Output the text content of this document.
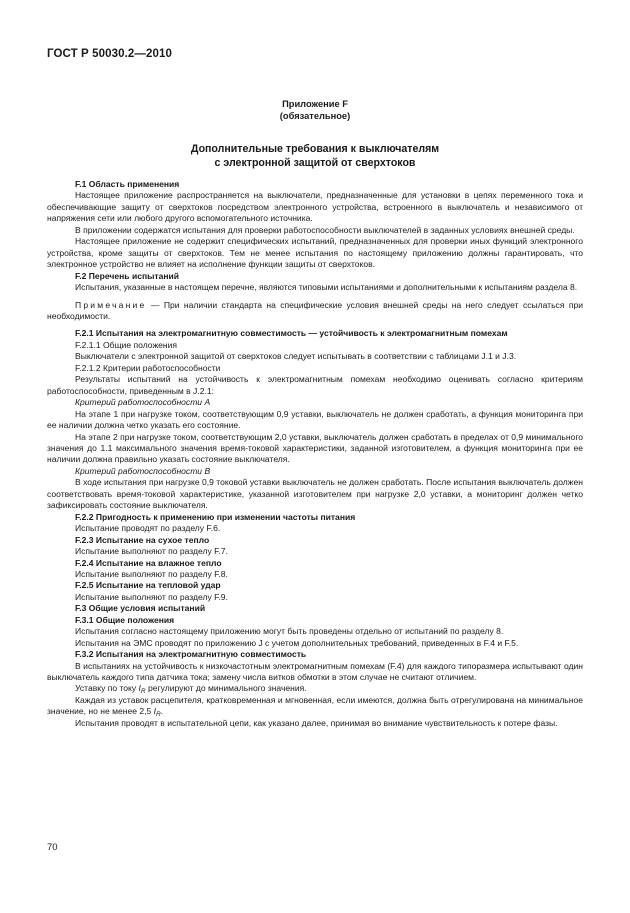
ГОСТ Р 50030.2—2010
Приложение F
(обязательное)
Дополнительные требования к выключателям
с электронной защитой от сверхтоков

F.1 Область применения

Настоящее приложение распространяется на выключатели, предназначенные для установки в цепях переменного тока и обеспечивающие защиту от сверхтоков посредством электронного устройства, встроенного в выключатель и независимого от напряжения сети или любого другого вспомогательного источника.

В приложении содержатся испытания для проверки работоспособности выключателей в заданных условиях внешней среды.

Настоящее приложение не содержит специфических испытаний, предназначенных для проверки иных функций электронного устройства, кроме защиты от сверхтоков. Тем не менее испытания по настоящему приложению должны гарантировать, что электронное устройство не влияет на исполнение функции защиты от сверхтоков.

F.2 Перечень испытаний

Испытания, указанные в настоящем перечне, являются типовыми испытаниями и дополнительными к испытаниям раздела 8.

Примечание — При наличии стандарта на специфические условия внешней среды на него следует ссылаться при необходимости.

F.2.1 Испытания на электромагнитную совместимость — устойчивость к электромагнитным помехам

F.2.1.1 Общие положения

Выключатели с электронной защитой от сверхтоков следует испытывать в соответствии с таблицами J.1 и J.3.

F.2.1.2 Критерии работоспособности

Результаты испытаний на устойчивость к электромагнитным помехам необходимо оценивать согласно критериям работоспособности, приведенным в J.2.1:

Критерий работоспособности А

На этапе 1 при нагрузке током, соответствующим 0,9 уставки, выключатель не должен сработать, а функция мониторинга при ее наличии должна четко указать его состояние.

На этапе 2 при нагрузке током, соответствующим 2,0 уставки, выключатель должен сработать в пределах от 0,9 минимального значения до 1.1 максимального значения время-токовой характеристики, заданной изготовителем, а функция мониторинга при ее наличии должна правильно указать состояние выключателя.

Критерий работоспособности В

В ходе испытания при нагрузке 0,9 токовой уставки выключатель не должен сработать. После испытания выключатель должен соответствовать время-токовой характеристике, указанной изготовителем при нагрузке 2,0 уставки, а мониторинг должен четко зафиксировать состояние выключателя.

F.2.2 Пригодность к применению при изменении частоты питания

Испытание проводят по разделу F.6.

F.2.3 Испытание на сухое тепло

Испытание выполняют по разделу F.7.

F.2.4 Испытание на влажное тепло

Испытание выполняют по разделу F.8.

F.2.5 Испытание на тепловой удар

Испытание выполняют по разделу F.9.

F.3 Общие условия испытаний

F.3.1 Общие положения

Испытания согласно настоящему приложению могут быть проведены отдельно от испытаний по разделу 8.

Испытания на ЭМС проводят по приложению J с учетом дополнительных требований, приведенных в F.4 и F.5.

F.3.2 Испытания на электромагнитную совместимость

В испытаниях на устойчивость к низкочастотным электромагнитным помехам (F.4) для каждого типоразмера испытывают один выключатель каждого типа датчика тока; замену числа витков обмотки в этом случае не считают отличием.

Уставку по току $I_R$ регулируют до минимального значения.

Каждая из уставок расцепителя, кратковременная и мгновенная, если имеются, должна быть отрегулирована на минимальное значение, но не менее 2,5 $I_R$.

Испытания проводят в испытательной цепи, как указано далее, принимая во внимание чувствительность к потере фазы.

70
